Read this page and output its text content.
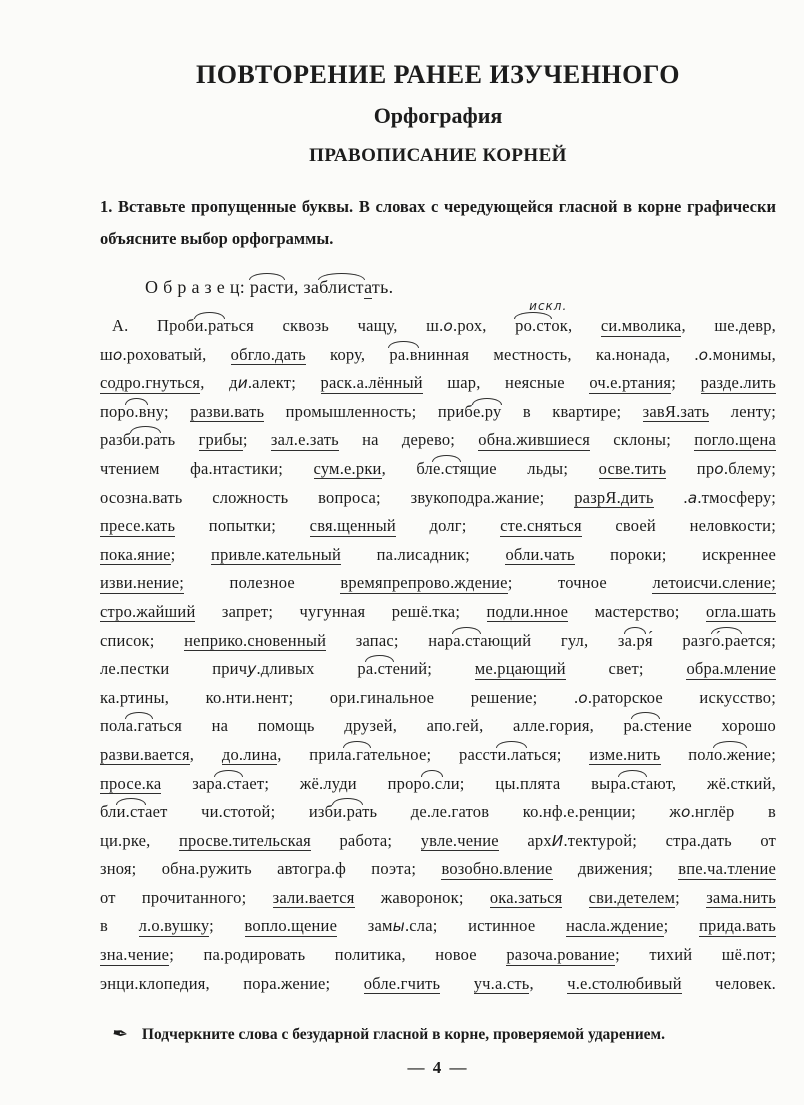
ПОВТОРЕНИЕ РАНЕЕ ИЗУЧЕННОГО
Орфография
ПРАВОПИСАНИЕ КОРНЕЙ
1. Вставьте пропущенные буквы. В словах с чередующейся гласной в корне графически
объясните выбор орфограммы.
О б р а з е ц: расти, заблистать.
А. Проби.раться сквозь чащу, ш.о.рох, ро.ст
искл.
ок, си.мволика, ше.девр,
шо.роховатый, обгло.дать кору, ра.внинная местность, ка.нонада, .о.монимы,
содро.гнуться, ди.алект; раск.а.лённый шар, неясные оч.е.ртания; разде.лить
поро.вну; разви.вать промышленность; прибе.ру в квартире; завЯ.зать ленту;
разби.рать грибы; зал.е.зать на дерево; обна.жившиеся склоны; погло.щена
чтением фа.нтастики; сум.е.рки, бле.стящие льды; осве.тить про.блему;
осозна.вать сложность вопроса; звукоподра.жание; разрЯ.дить .а.тмосферу;
пресе.кать попытки; свя.щенный долг; сте.сняться своей неловкости;
пока.яние; привле.кательный па.лисадник; обли.чать пороки; искреннее
изви.нение; полезное времяпрепрово.ждение; точное летоисчи.сление;
стро.жайший запрет; чугунная решё.тка; подли.нное мастерство; огла.шать
список; неприко.сновенный запас; нара.стающий гул, за.ря́ разго́.рается;
ле.пестки причу.дливых ра.стений; ме.рцающий свет; обра.мление
ка.ртины, ко.нти.нент; ори.гинальное решение; .о.раторское искусство;
пола.гаться на помощь друзей, апо.гей, алле.гория, ра.стение хорошо
разви.вается, до.лина, прила.гательное; рассти.латься; изме.нить поло.жение;
просе.ка зара.стает; жё.луди проро.сли; цы.плята выра.стают, жё.сткий,
бли.стает чи.стотой; изби.рать де.ле.гатов ко.нф.е.ренции; жо.нглёр в
ци.рке, просве.тительская работа; увле.чение архИ.тектурой; стра.дать от
зноя; обна.ружить автогра.ф поэта; возобно.вление движения; впе.ча.тление
от прочитанного; зали.вается жаворонок; ока.заться сви.детелем; зама.нить
в л.о.вушку; вопло.щение замы.сла; истинное насла.ждение; прида.вать
зна.чение; па.родировать политика, новое разоча.рование; тихий шё.пот;
энци.клопедия, пора.жение; обле.гчить уч.а.сть, ч.е.столюбивый человек.
✒ Подчеркните слова с безударной гласной в корне, проверяемой ударением.
— 4 —
